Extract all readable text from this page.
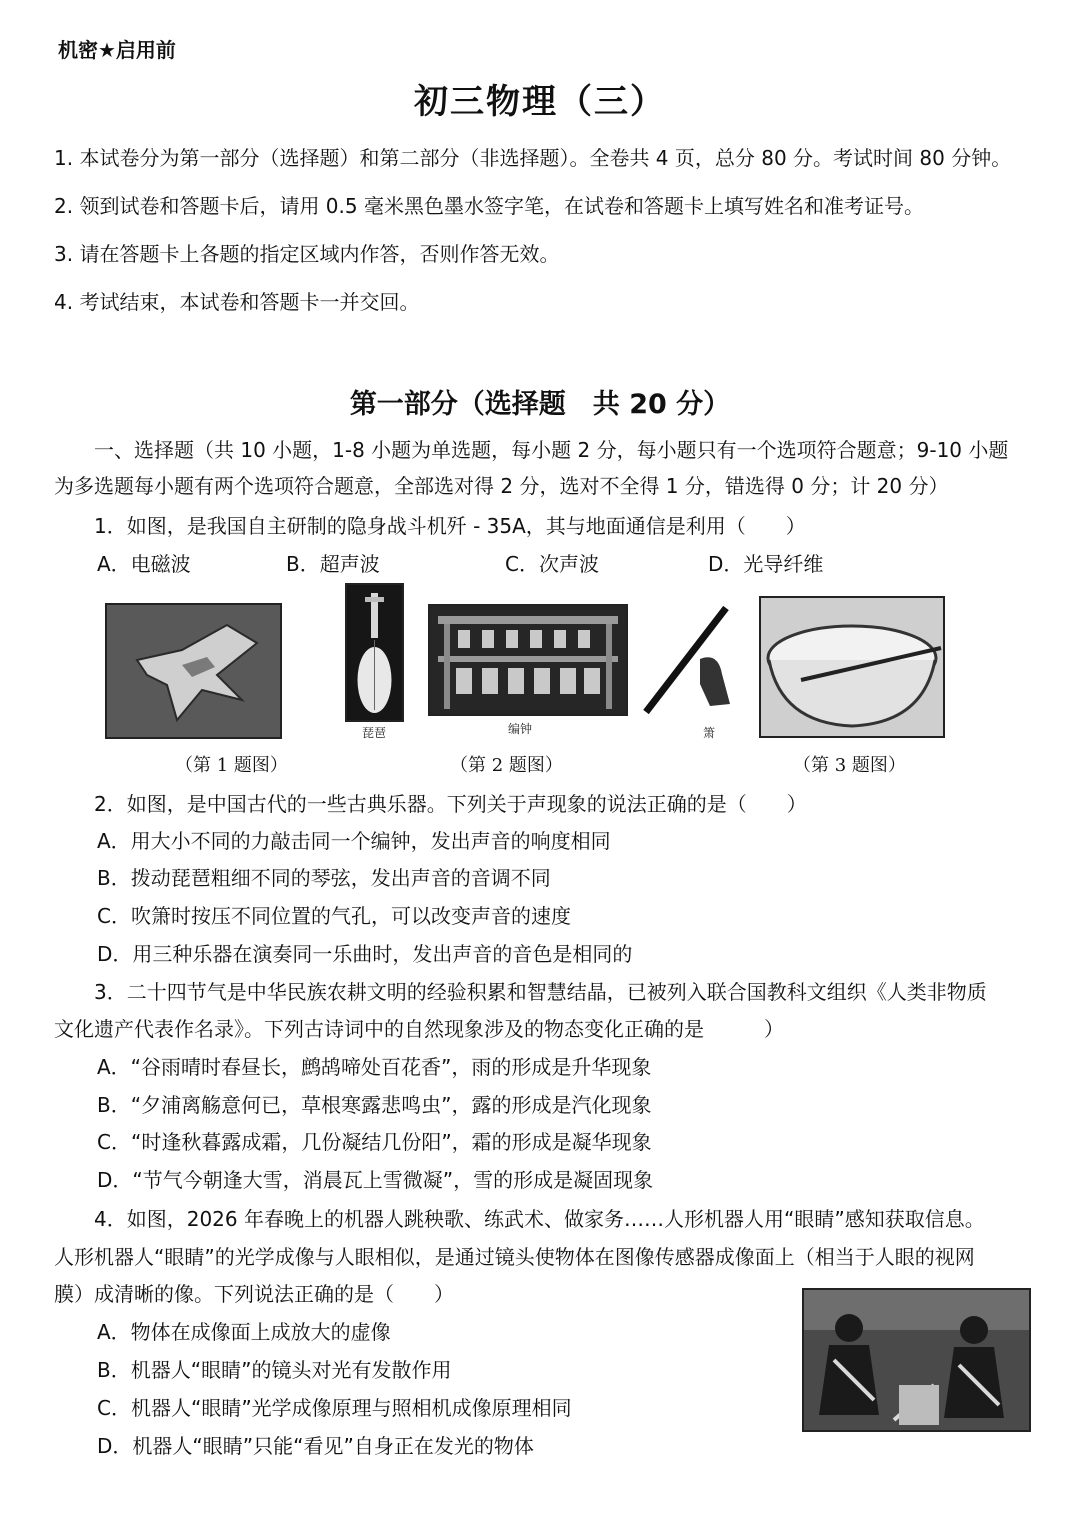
机密★启用前
初三物理（三）
1. 本试卷分为第一部分（选择题）和第二部分（非选择题）。全卷共 4 页，总分 80 分。考试时间 80 分钟。
2. 领到试卷和答题卡后，请用 0.5 毫米黑色墨水签字笔，在试卷和答题卡上填写姓名和准考证号。
3. 请在答题卡上各题的指定区域内作答，否则作答无效。
4. 考试结束，本试卷和答题卡一并交回。
第一部分（选择题　共 20 分）
一、选择题（共 10 小题，1-8 小题为单选题，每小题 2 分，每小题只有一个选项符合题意；9-10 小题
为多选题每小题有两个选项符合题意，全部选对得 2 分，选对不全得 1 分，错选得 0 分；计 20 分）
1．如图，是我国自主研制的隐身战斗机歼 - 35A，其与地面通信是利用（　　）
A．电磁波	B．超声波	C．次声波	D．光导纤维
琵琶	编钟	箫
（第 1 题图）	（第 2 题图）	（第 3 题图）
2．如图，是中国古代的一些古典乐器。下列关于声现象的说法正确的是（　　）
A．用大小不同的力敲击同一个编钟，发出声音的响度相同
B．拨动琵琶粗细不同的琴弦，发出声音的音调不同
C．吹箫时按压不同位置的气孔，可以改变声音的速度
D．用三种乐器在演奏同一乐曲时，发出声音的音色是相同的
3．二十四节气是中华民族农耕文明的经验积累和智慧结晶，已被列入联合国教科文组织《人类非物质
文化遗产代表作名录》。下列古诗词中的自然现象涉及的物态变化正确的是　　　）
A．“谷雨晴时春昼长，鹧鸪啼处百花香”，雨的形成是升华现象
B．“夕浦离觞意何已，草根寒露悲鸣虫”，露的形成是汽化现象
C．“时逢秋暮露成霜，几份凝结几份阳”，霜的形成是凝华现象
D．“节气今朝逢大雪，消晨瓦上雪微凝”，雪的形成是凝固现象
4．如图，2026 年春晚上的机器人跳秧歌、练武术、做家务……人形机器人用“眼睛”感知获取信息。
人形机器人“眼睛”的光学成像与人眼相似，是通过镜头使物体在图像传感器成像面上（相当于人眼的视网
膜）成清晰的像。下列说法正确的是（　　）
A．物体在成像面上成放大的虚像
B．机器人“眼睛”的镜头对光有发散作用
C．机器人“眼睛”光学成像原理与照相机成像原理相同
D．机器人“眼睛”只能“看见”自身正在发光的物体
